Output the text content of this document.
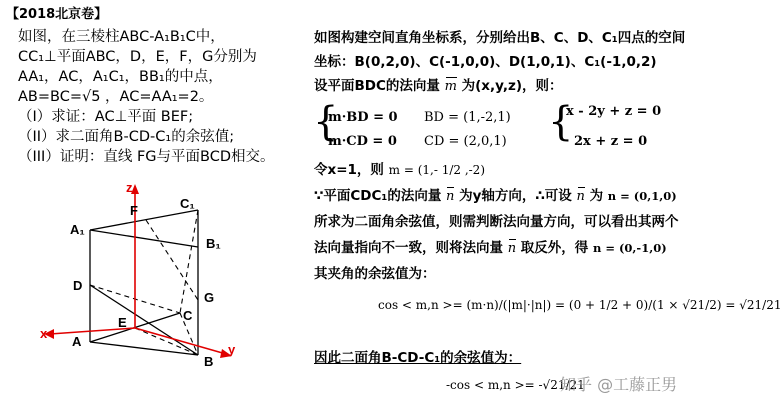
【2018北京卷】
如图，在三棱柱ABC-A₁B₁C中，
CC₁⊥平面ABC，D，E，F，G分别为
AA₁，AC，A₁C₁，BB₁的中点，
AB=BC=√5 ，AC=AA₁=2。
（I）求证：AC⊥平面 BEF;
（II）求二面角B-CD-C₁的余弦值;
（III）证明：直线 FG与平面BCD相交。
z
F	C₁
A₁
B₁
D
G
C
E
A
B
x
y
如图构建空间直角坐标系，分别给出B、C、D、C₁四点的空间
坐标：B(0,2,0)、C(-1,0,0)、D(1,0,1)、C₁(-1,0,2)
设平面BDC的法向量 m 为(x,y,z)，则：
{
m·BD = 0
m·CD = 0
BD = (1,-2,1)
CD = (2,0,1) {
x - 2y + z = 0
2x + z = 0
令x=1，则 m = (1,- 1/2 ,-2)
∵平面CDC₁的法向量 n 为y轴方向，∴可设 n 为 n = (0,1,0)
所求为二面角余弦值，则需判断法向量方向，可以看出其两个
法向量指向不一致，则将法向量 n 取反外，得 n = (0,-1,0)
其夹角的余弦值为：
cos < m,n >= (m·n)/(|m|·|n|) = (0 + 1/2 + 0)/(1 × √21/2) = √21/21
因此二面角B-CD-C₁的余弦值为：
-cos < m,n >= -√21/21
知乎 @工藤正男
